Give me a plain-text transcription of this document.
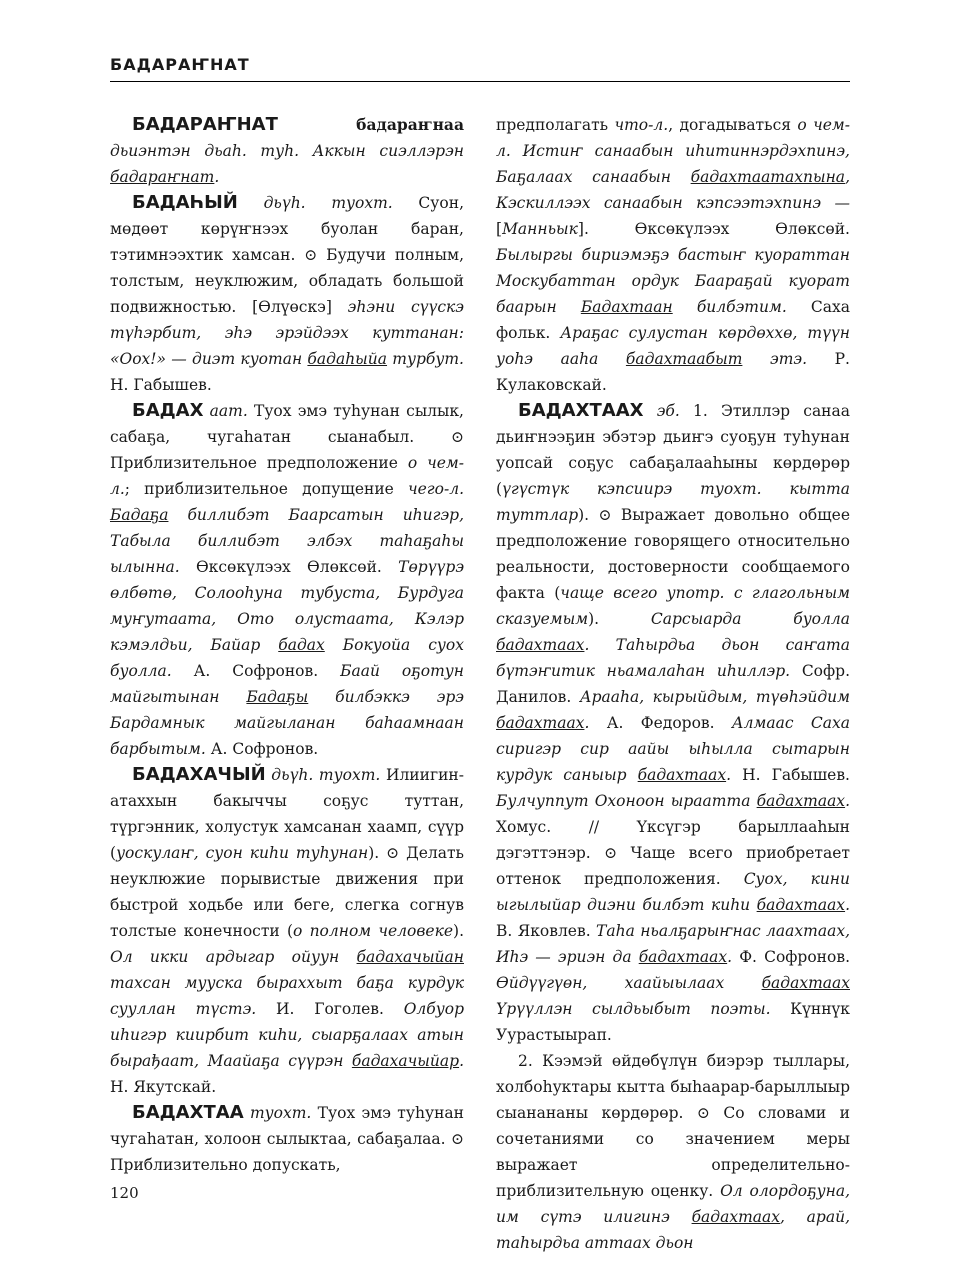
БАДАРАҤНАТ

БАДАРАҤНАТ	бадараҥнаа дьиэнтэн дьаһ. туһ. Аккын сиэллэрэн бадараҥнат.

БАДАҺЫЙ дьүһ. туохт. Суон, мөдөөт көрүҥнээх буолан баран, тэтимнээхтик хамсан. ⊙ Будучи полным, толстым, неуклюжим, обладать большой подвижностью. [Өлүөскэ] эһэни сүүскэ түһэрбит, эһэ эрэйдээх куттанан: «Оох!» — диэт куотан бадаһыйа турбут. Н. Габышев.

БАДАХ аат. Туох эмэ туһунан сылык, сабаҕа, чугаһатан сыанабыл. ⊙ Приблизительное предположение о чем-л.; приблизительное допущение чего-л. Бадаҕа биллибэт Баарсатын иһигэр, Табыла биллибэт элбэх таһаҕаһы ылынна. Өксөкүлээх Өлөксөй. Төрүүрэ өлбөтө, Солооһуна тубуста, Бурдуга муҥутаата, Ото олустаата, Кэлэр кэмэлдьи, Байар бадах Бокуойа суох буолла. А. Софронов. Баай оҕотун майгытынан Бадаҕы билбэккэ эрэ Бардамнык майгыланан баһаамнаан барбытым. А. Софронов.

БАДАХАЧЫЙ дьүһ. туохт. Илиигин-атаххын бакыччы соҕус туттан, түргэнник, холустук хамсанан хаамп, сүүр (уоскулаҥ, суон киһи туһунан). ⊙ Делать неуклюжие порывистые движения при быстрой ходьбе или беге, слегка согнув толстые конечности (о полном человеке). Ол икки ардыгар ойуун бадахачыйан тахсан мууска быраххыт баҕа курдук сууллан түстэ. И. Гоголев. Олбуор иһигэр киирбит киһи, сыарҕалаах атын бырађаат, Маайаҕа сүүрэн бадахачыйар. Н. Якутскай.

БАДАХТАА туохт. Туох эмэ туһунан чугаһатан, холоон сылыктаа, сабаҕалаа. ⊙ Приблизительно допускать,

предполагать что-л., догадываться о чем-л. Истиҥ санаабын иһитиннэрдэхпинэ, Баҕалаах санаабын бадахтаатахпына, Кэскиллээх санаабын кэпсээтэхпинэ — [Манньык]. Өксөкүлээх Өлөксөй. Былыргы бириэмэҕэ бастыҥ куораттан Москубаттан ордук Баараҕай куорат баарын Бадахтаан билбэтим. Саха фольк. Араҕас сулустан көрдөххө, түүн уоһэ ааһа бадахтаабыт этэ. Р. Кулаковскай.

БАДАХТААХ эб. 1. Этиллэр санаа дьиҥнээҕин эбэтэр дьиҥэ суоҕун туһунан уопсай соҕус сабаҕалааһыны көрдөрөр (үгүстүк кэпсиирэ туохт. кытта туттлар). ⊙ Выражает довольно общее предположение говорящего относительно реальности, достоверности сообщаемого факта (чаще всего употр. с глагольным сказуемым). Сарсыарда буолла бадахтаах. Таһырдьа дьон саҥата бүтэҥитик ньамалаһан иһиллэр. Софр. Данилов. Арааһа, кырыйдым, түөһэйдим бадахтаах. А. Федоров. Алмаас Саха сиригэр сир аайы ыһылла сытарын курдук саныыр бадахтаах. Н. Габышев. Булчуппут Охоноон ыраатта бадахтаах. Хомус. // Үксүгэр барыллааһын дэгэттэнэр. ⊙ Чаще всего приобретает оттенок предположения. Суох, кини ыгылыйар диэни билбэт киһи бадахтаах. В. Яковлев. Таһа ньалҕарыҥнас лаахтаах, Иһэ — эриэн да бадахтаах. Ф. Софронов. Өйдүүгүөн, хаайыылаах бадахтаах Үрүүллэн сылдьыбыт поэты. Күннүк Уурастыырап.

2. Кээмэй өйдөбүлүн биэрэр тыллары, холбоһуктары кытта быһаарар-барыллыыр сыанананы көрдөрөр. ⊙ Со словами и сочетаниями со значением меры выражает определительно-приблизительную оценку. Ол олордоҕуна, им сүтэ илигинэ бадахтаах, арай, таһырдьа аттаах дьон

120
